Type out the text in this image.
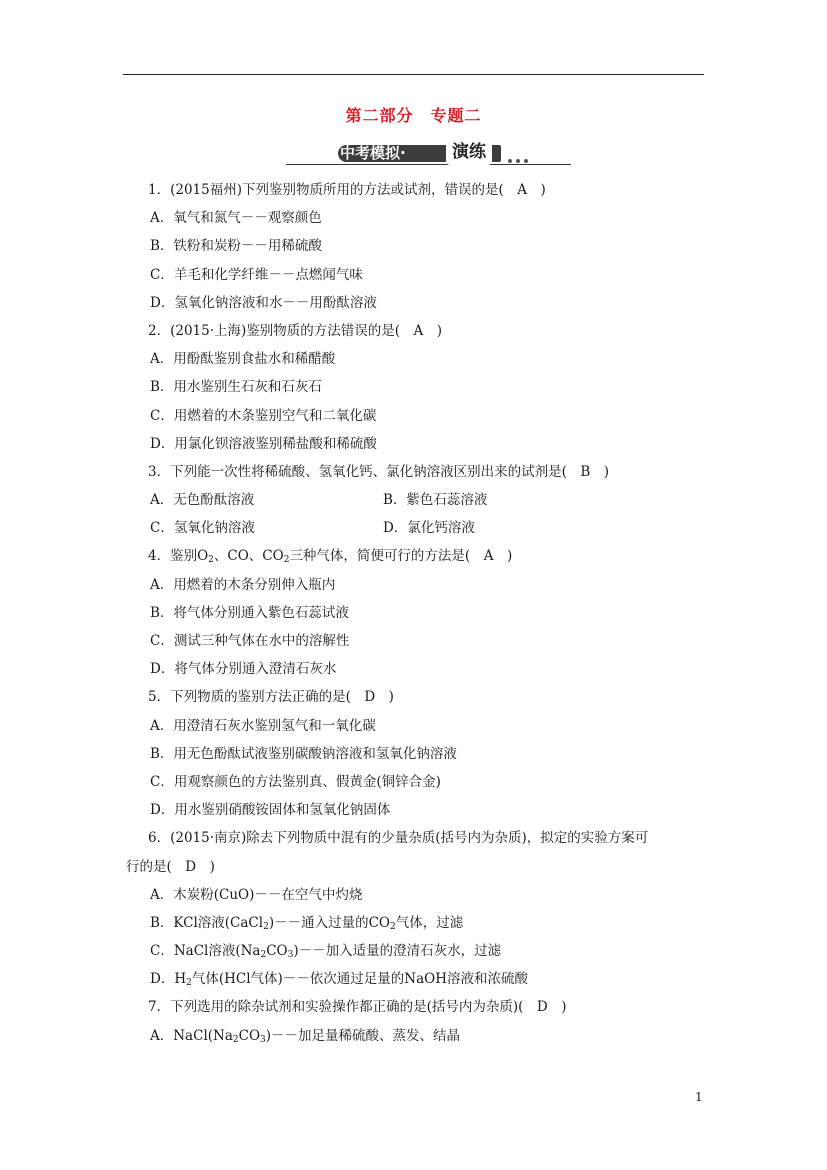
第二部分　专题二
中考模拟·	演练
1．(2015福州)下列鉴别物质所用的方法或试剂，错误的是(　A　)
A．氧气和氮气－－观察颜色
B．铁粉和炭粉－－用稀硫酸
C．羊毛和化学纤维－－点燃闻气味
D．氢氧化钠溶液和水－－用酚酞溶液
2．(2015·上海)鉴别物质的方法错误的是(　A　)
A．用酚酞鉴别食盐水和稀醋酸
B．用水鉴别生石灰和石灰石
C．用燃着的木条鉴别空气和二氧化碳
D．用氯化钡溶液鉴别稀盐酸和稀硫酸
3．下列能一次性将稀硫酸、氢氧化钙、氯化钠溶液区别出来的试剂是(　B　)
A．无色酚酞溶液	B．紫色石蕊溶液
C．氢氧化钠溶液	D．氯化钙溶液
4．鉴别$O_2$、CO、$CO_2$三种气体，简便可行的方法是(　A　)
A．用燃着的木条分别伸入瓶内
B．将气体分别通入紫色石蕊试液
C．测试三种气体在水中的溶解性
D．将气体分别通入澄清石灰水
5．下列物质的鉴别方法正确的是(　D　)
A．用澄清石灰水鉴别氢气和一氧化碳
B．用无色酚酞试液鉴别碳酸钠溶液和氢氧化钠溶液
C．用观察颜色的方法鉴别真、假黄金(铜锌合金)
D．用水鉴别硝酸铵固体和氢氧化钠固体
6．(2015·南京)除去下列物质中混有的少量杂质(括号内为杂质)，拟定的实验方案可
行的是(　D　)
A．木炭粉(CuO)－－在空气中灼烧
B．KCl溶液(CaCl$_2$)－－通入过量的$CO_2$气体，过滤
C．NaCl溶液$(Na_2CO_3)--$加入适量的澄清石灰水，过滤
D．$H_2$气体(HCl气体)－－依次通过足量的NaOH溶液和浓硫酸
7．下列选用的除杂试剂和实验操作都正确的是(括号内为杂质)(　D　)
A．$NaCl(Na_2CO_3)--$加足量稀硫酸、蒸发、结晶
1
